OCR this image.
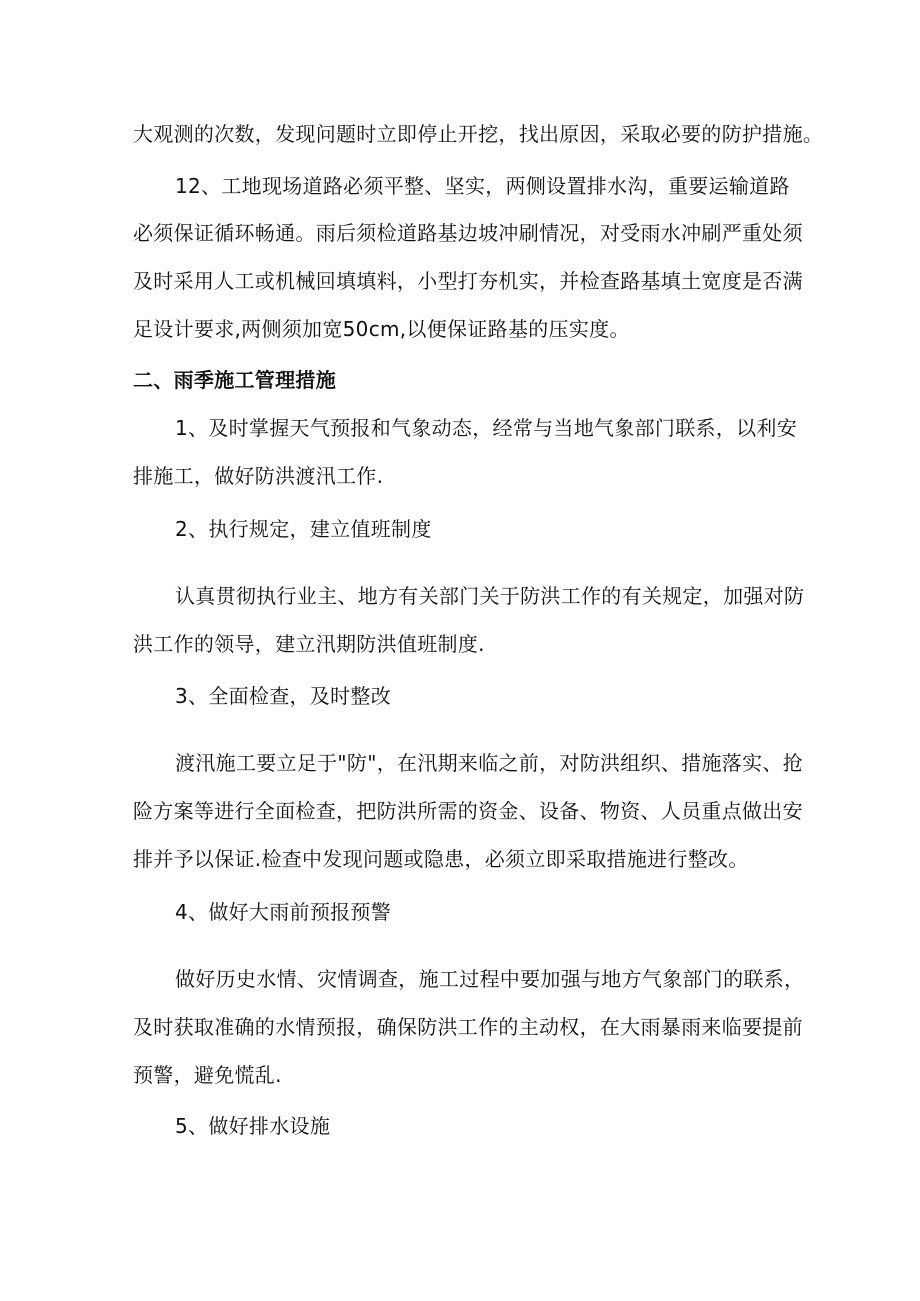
大观测的次数，发现问题时立即停止开挖，找出原因，采取必要的防护措施。
12、工地现场道路必须平整、坚实，两侧设置排水沟，重要运输道路
必须保证循环畅通。雨后须检道路基边坡冲刷情况，对受雨水冲刷严重处须
及时采用人工或机械回填填料，小型打夯机实，并检查路基填土宽度是否满
足设计要求,两侧须加宽50cm,以便保证路基的压实度。
二、雨季施工管理措施
1、及时掌握天气预报和气象动态，经常与当地气象部门联系，以利安
排施工，做好防洪渡汛工作.
2、执行规定，建立值班制度
认真贯彻执行业主、地方有关部门关于防洪工作的有关规定，加强对防
洪工作的领导，建立汛期防洪值班制度.
3、全面检查，及时整改
渡汛施工要立足于"防"，在汛期来临之前，对防洪组织、措施落实、抢
险方案等进行全面检查，把防洪所需的资金、设备、物资、人员重点做出安
排并予以保证.检查中发现问题或隐患，必须立即采取措施进行整改。
4、做好大雨前预报预警
做好历史水情、灾情调查，施工过程中要加强与地方气象部门的联系，
及时获取准确的水情预报，确保防洪工作的主动权，在大雨暴雨来临要提前
预警，避免慌乱.
5、做好排水设施
